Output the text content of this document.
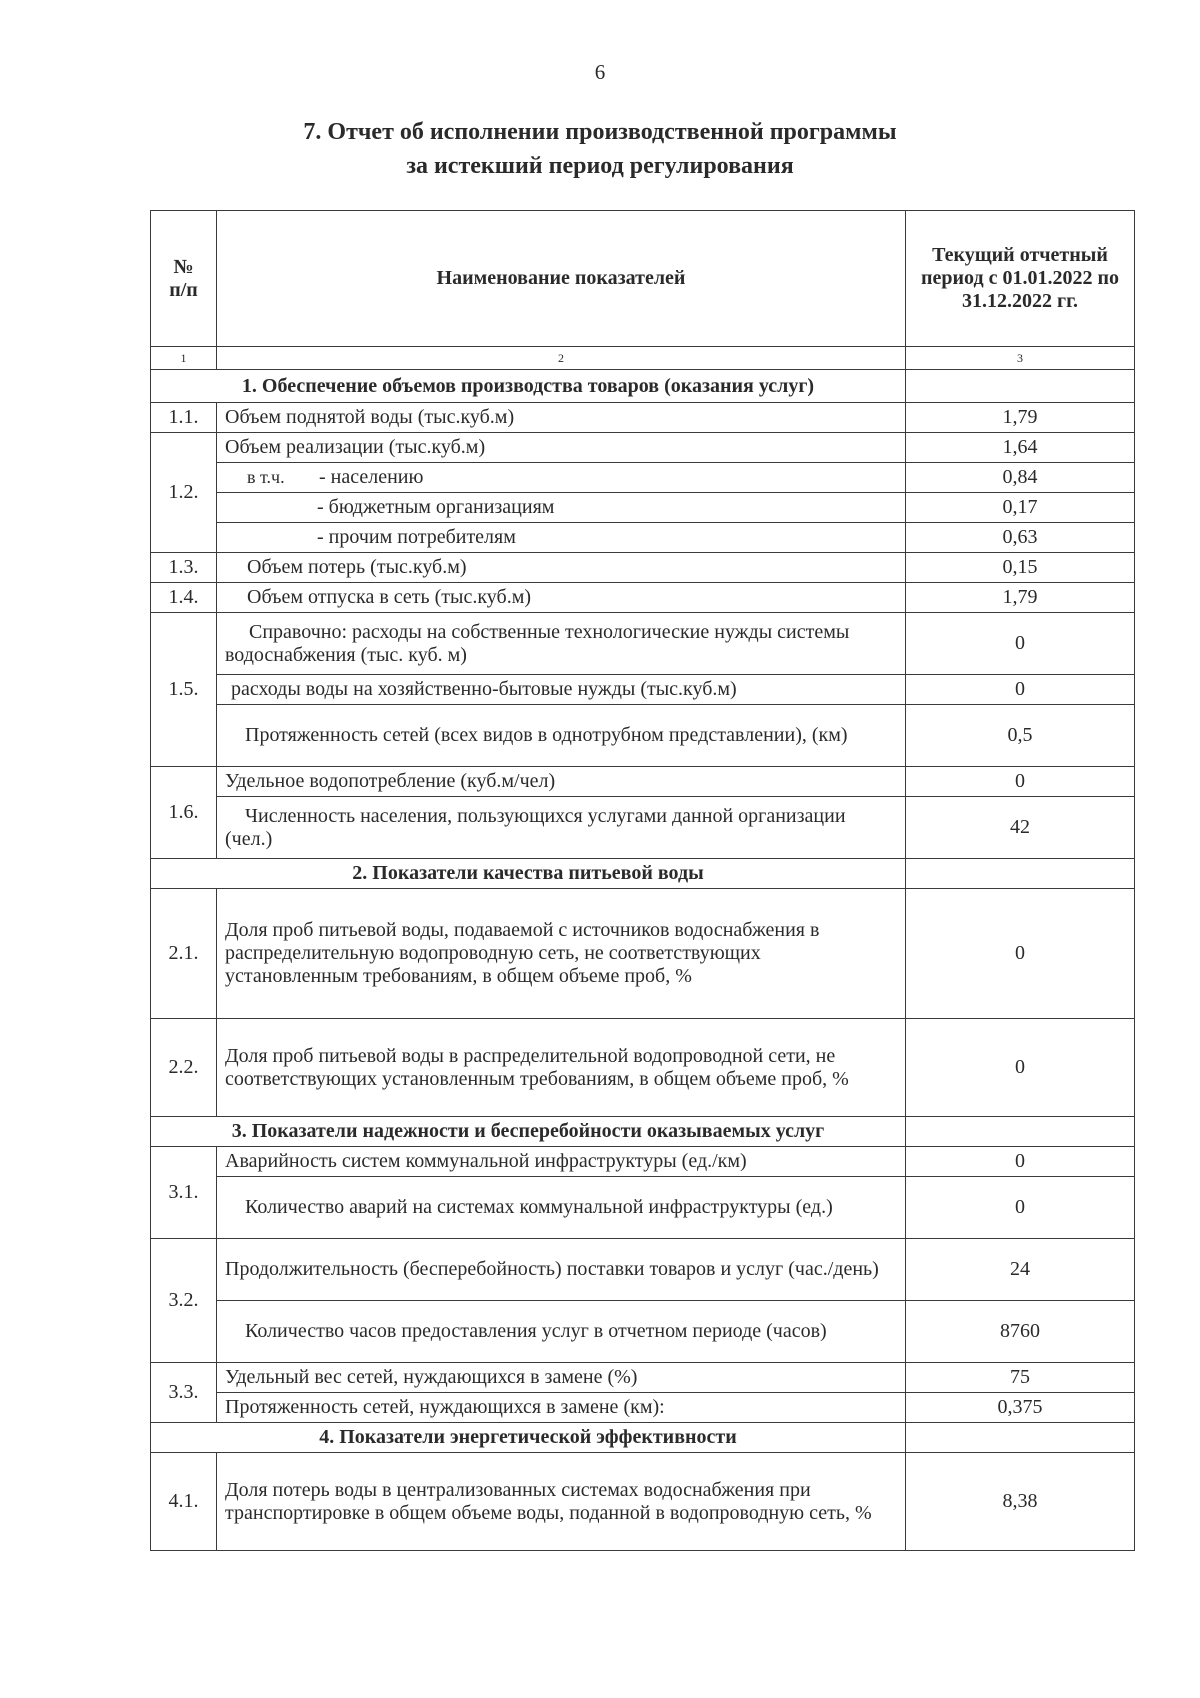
6
7. Отчет об исполнении производственной программы
за истекший период регулирования
№ п/п	Наименование показателей	Текущий отчетный период с 01.01.2022 по 31.12.2022 гг.
1	2	3
1. Обеспечение объемов производства товаров (оказания услуг)		
1.1.	Объем поднятой воды (тыс.куб.м)	1,79
1.2.	Объем реализации (тыс.куб.м)	1,64
	в т.ч. - населению	0,84
	- бюджетным организациям	0,17
	- прочим потребителям	0,63
1.3.	Объем потерь (тыс.куб.м)	0,15
1.4.	Объем отпуска в сеть (тыс.куб.м)	1,79
1.5.	Справочно: расходы на собственные технологические нужды системы водоснабжения (тыс. куб. м)	0
	расходы воды на хозяйственно-бытовые нужды (тыс.куб.м)	0
	Протяженность сетей (всех видов в однотрубном представлении), (км)	0,5
1.6.	Удельное водопотребление (куб.м/чел)	0
	Численность населения, пользующихся услугами данной организации (чел.)	42
2. Показатели качества питьевой воды		
2.1.	Доля проб питьевой воды, подаваемой с источников водоснабжения в распределительную водопроводную сеть, не соответствующих установленным требованиям, в общем объеме проб, %	0
2.2.	Доля проб питьевой воды в распределительной водопроводной сети, не соответствующих установленным требованиям, в общем объеме проб, %	0
3. Показатели надежности и бесперебойности оказываемых услуг		
3.1.	Аварийность систем коммунальной инфраструктуры (ед./км)	0
	Количество аварий на системах коммунальной инфраструктуры (ед.)	0
3.2.	Продолжительность (бесперебойность) поставки товаров и услуг (час./день)	24
	Количество часов предоставления услуг в отчетном периоде (часов)	8760
3.3.	Удельный вес сетей, нуждающихся в замене (%)	75
	Протяженность сетей, нуждающихся в замене (км):	0,375
4. Показатели энергетической эффективности		
4.1.	Доля потерь воды в централизованных системах водоснабжения при транспортировке в общем объеме воды, поданной в водопроводную сеть, %	8,38
